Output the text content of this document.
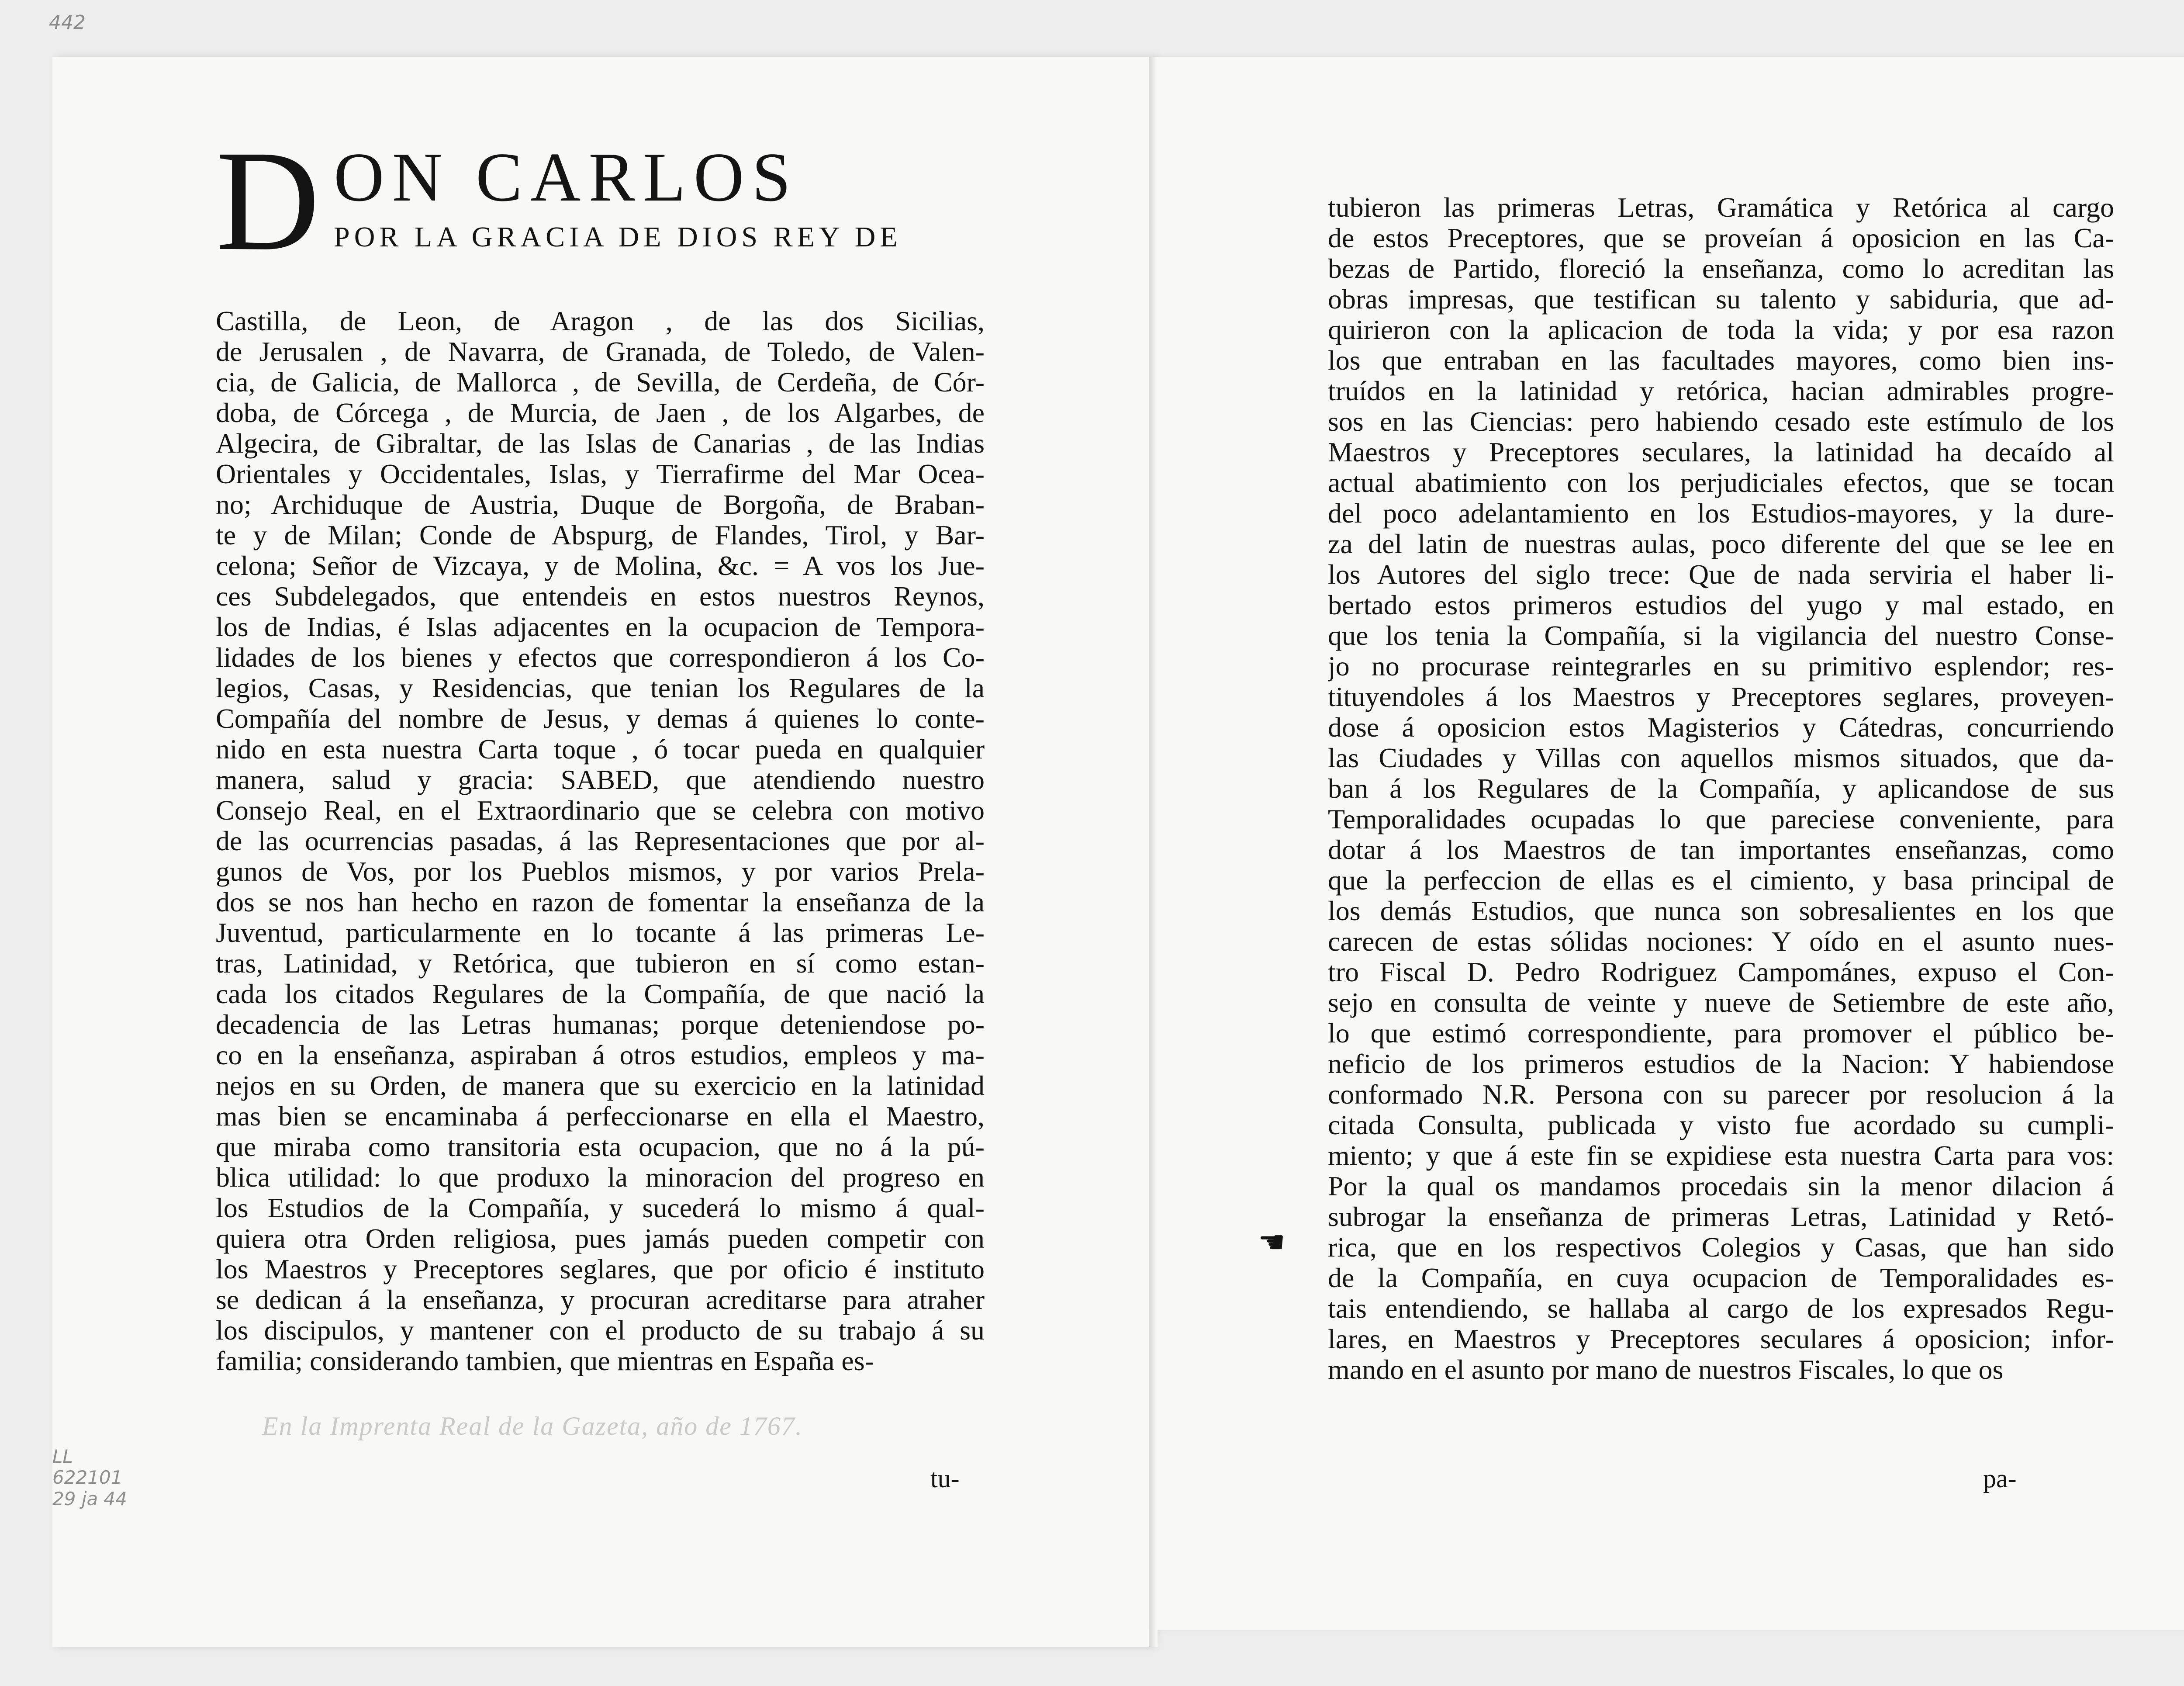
442
En la Imprenta Real de la Gazeta, año de 1767.
LL
622101
29 ja 44
D ON CARLOS
POR LA GRACIA DE DIOS REY DE
Castilla, de Leon, de Aragon , de las dos Sicilias,
de Jerusalen , de Navarra, de Granada, de Toledo, de Valen-
cia, de Galicia, de Mallorca , de Sevilla, de Cerdeña, de Cór-
doba, de Córcega , de Murcia, de Jaen , de los Algarbes, de
Algecira, de Gibraltar, de las Islas de Canarias , de las Indias
Orientales y Occidentales, Islas, y Tierrafirme del Mar Ocea-
no; Archiduque de Austria, Duque de Borgoña, de Braban-
te y de Milan; Conde de Abspurg, de Flandes, Tirol, y Bar-
celona; Señor de Vizcaya, y de Molina, &c. = A vos los Jue-
ces Subdelegados, que entendeis en estos nuestros Reynos,
los de Indias, é Islas adjacentes en la ocupacion de Tempora-
lidades de los bienes y efectos que correspondieron á los Co-
legios, Casas, y Residencias, que tenian los Regulares de la
Compañía del nombre de Jesus, y demas á quienes lo conte-
nido en esta nuestra Carta toque , ó tocar pueda en qualquier
manera, salud y gracia: SABED, que atendiendo nuestro
Consejo Real, en el Extraordinario que se celebra con motivo
de las ocurrencias pasadas, á las Representaciones que por al-
gunos de Vos, por los Pueblos mismos, y por varios Prela-
dos se nos han hecho en razon de fomentar la enseñanza de la
Juventud, particularmente en lo tocante á las primeras Le-
tras, Latinidad, y Retórica, que tubieron en sí como estan-
cada los citados Regulares de la Compañía, de que nació la
decadencia de las Letras humanas; porque deteniendose po-
co en la enseñanza, aspiraban á otros estudios, empleos y ma-
nejos en su Orden, de manera que su exercicio en la latinidad
mas bien se encaminaba á perfeccionarse en ella el Maestro,
que miraba como transitoria esta ocupacion, que no á la pú-
blica utilidad: lo que produxo la minoracion del progreso en
los Estudios de la Compañía, y sucederá lo mismo á qual-
quiera otra Orden religiosa, pues jamás pueden competir con
los Maestros y Preceptores seglares, que por oficio é instituto
se dedican á la enseñanza, y procuran acreditarse para atraher
los discipulos, y mantener con el producto de su trabajo á su
familia; considerando tambien, que mientras en España es-
tubieron las primeras Letras, Gramática y Retórica al cargo
de estos Preceptores, que se proveían á oposicion en las Ca-
bezas de Partido, floreció la enseñanza, como lo acreditan las
obras impresas, que testifican su talento y sabiduria, que ad-
quirieron con la aplicacion de toda la vida; y por esa razon
los que entraban en las facultades mayores, como bien ins-
truídos en la latinidad y retórica, hacian admirables progre-
sos en las Ciencias: pero habiendo cesado este estímulo de los
Maestros y Preceptores seculares, la latinidad ha decaído al
actual abatimiento con los perjudiciales efectos, que se tocan
del poco adelantamiento en los Estudios-mayores, y la dure-
za del latin de nuestras aulas, poco diferente del que se lee en
los Autores del siglo trece: Que de nada serviria el haber li-
bertado estos primeros estudios del yugo y mal estado, en
que los tenia la Compañía, si la vigilancia del nuestro Conse-
jo no procurase reintegrarles en su primitivo esplendor; res-
tituyendoles á los Maestros y Preceptores seglares, proveyen-
dose á oposicion estos Magisterios y Cátedras, concurriendo
las Ciudades y Villas con aquellos mismos situados, que da-
ban á los Regulares de la Compañía, y aplicandose de sus
Temporalidades ocupadas lo que pareciese conveniente, para
dotar á los Maestros de tan importantes enseñanzas, como
que la perfeccion de ellas es el cimiento, y basa principal de
los demás Estudios, que nunca son sobresalientes en los que
carecen de estas sólidas nociones: Y oído en el asunto nues-
tro Fiscal D. Pedro Rodriguez Campománes, expuso el Con-
sejo en consulta de veinte y nueve de Setiembre de este año,
lo que estimó correspondiente, para promover el público be-
neficio de los primeros estudios de la Nacion: Y habiendose
conformado N.R. Persona con su parecer por resolucion á la
citada Consulta, publicada y visto fue acordado su cumpli-
miento; y que á este fin se expidiese esta nuestra Carta para vos:
Por la qual os mandamos procedais sin la menor dilacion á
subrogar la enseñanza de primeras Letras, Latinidad y Retó-
rica, que en los respectivos Colegios y Casas, que han sido
de la Compañía, en cuya ocupacion de Temporalidades es-
tais entendiendo, se hallaba al cargo de los expresados Regu-
lares, en Maestros y Preceptores seculares á oposicion; infor-
mando en el asunto por mano de nuestros Fiscales, lo que os
☚
tu-	pa-
